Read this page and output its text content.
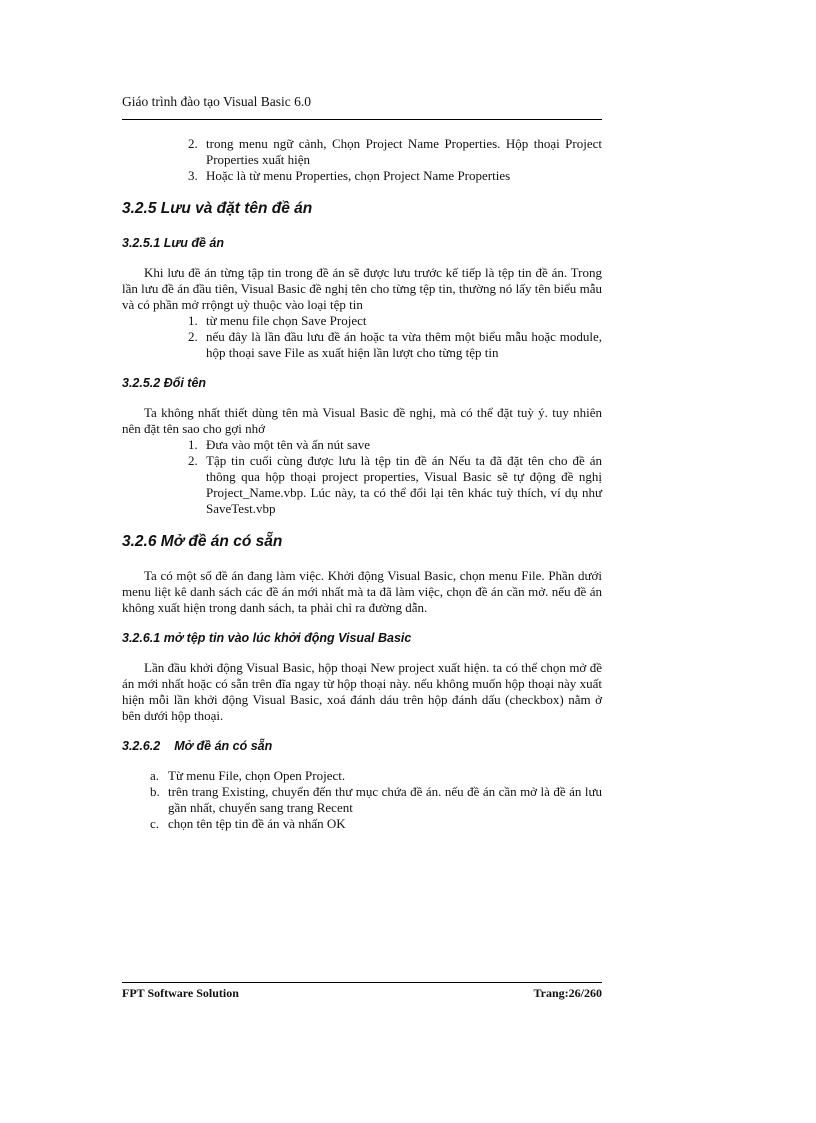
Giáo trình đào tạo Visual Basic 6.0
2. trong menu ngữ cảnh, Chọn Project Name Properties. Hộp thoại Project Properties xuất hiện
3. Hoặc là từ menu Properties, chọn Project Name Properties
3.2.5 Lưu và đặt tên đề án
3.2.5.1 Lưu đề án

Khi lưu đề án từng tập tin trong đề án sẽ được lưu trước kế tiếp là tệp tin đề án. Trong lần lưu đề án đầu tiên, Visual Basic đề nghị tên cho từng tệp tin, thường nó lấy tên biểu mẫu và có phần mở rrộngt uỳ thuộc vào loại tệp tin

1. từ menu file chọn Save Project
2. nếu đây là lần đầu lưu đề án hoặc ta vừa thêm một biểu mẫu hoặc module, hộp thoại save File as xuất hiện lần lượt cho từng tệp tin
3.2.5.2 Đổi tên

Ta không nhất thiết dùng tên mà Visual Basic đề nghị, mà có thể đặt tuỳ ý. tuy nhiên nên đặt tên sao cho gợi nhớ

1. Đưa vào một tên và ấn nút save
2. Tập tin cuối cùng được lưu là tệp tin đề án Nếu ta đã đặt tên cho đề án thông qua hộp thoại project properties, Visual Basic sẽ tự động đề nghị Project_Name.vbp. Lúc này, ta có thể đổi lại tên khác tuỳ thích, ví dụ như SaveTest.vbp
3.2.6 Mở đề án có sẵn

Ta có một số đề án đang làm việc. Khởi động Visual Basic, chọn menu File. Phần dưới menu liệt kê danh sách các đề án mới nhất mà ta đã làm việc, chọn đề án cần mở. nếu đề án không xuất hiện trong danh sách, ta phải chỉ ra đường dẫn.

3.2.6.1 mở tệp tin vào lúc khởi động Visual Basic

Lần đầu khởi động Visual Basic, hộp thoại New project xuất hiện. ta có thể chọn mở đề án mới nhất hoặc có sẵn trên đĩa ngay từ hộp thoại này. nếu không muốn hộp thoại này xuất hiện mỗi lần khởi động Visual Basic, xoá đánh dáu trên hộp đánh dấu (checkbox) nằm ở bên dưới hộp thoại.

3.2.6.2 Mở đề án có sẵn
a. Từ menu File, chọn Open Project.
b. trên trang Existing, chuyển đến thư mục chứa đề án. nếu đề án cần mở là đề án lưu gần nhất, chuyển sang trang Recent
c. chọn tên tệp tin đề án và nhấn OK
FPT Software Solution	Trang:26/260
